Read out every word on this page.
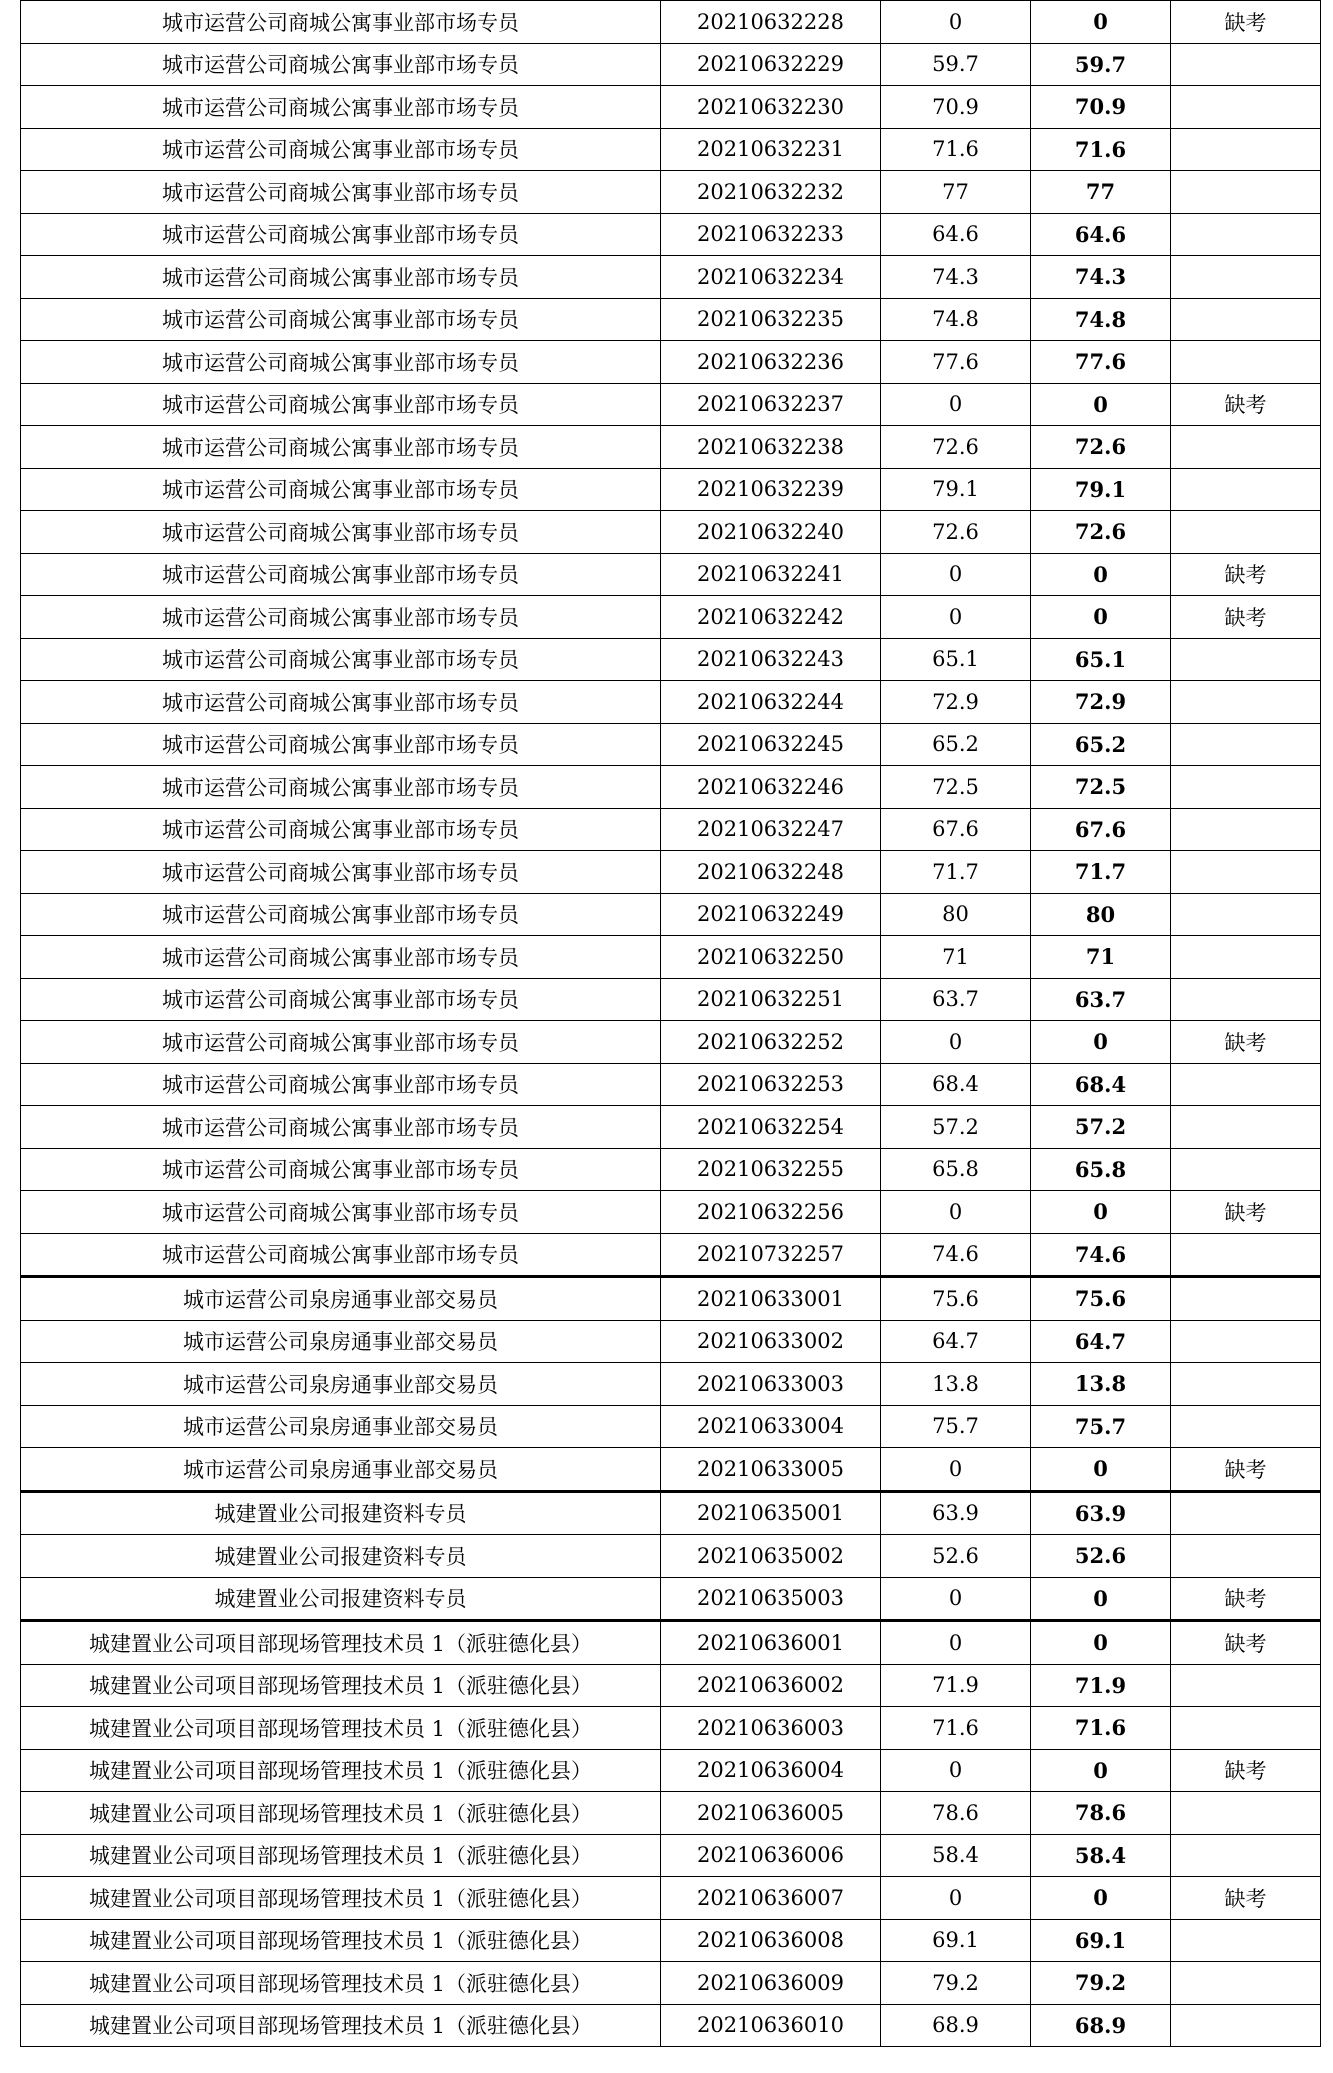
城市运营公司商城公寓事业部市场专员	20210632228	0	0	缺考
城市运营公司商城公寓事业部市场专员	20210632229	59.7	59.7	
城市运营公司商城公寓事业部市场专员	20210632230	70.9	70.9	
城市运营公司商城公寓事业部市场专员	20210632231	71.6	71.6	
城市运营公司商城公寓事业部市场专员	20210632232	77	77	
城市运营公司商城公寓事业部市场专员	20210632233	64.6	64.6	
城市运营公司商城公寓事业部市场专员	20210632234	74.3	74.3	
城市运营公司商城公寓事业部市场专员	20210632235	74.8	74.8	
城市运营公司商城公寓事业部市场专员	20210632236	77.6	77.6	
城市运营公司商城公寓事业部市场专员	20210632237	0	0	缺考
城市运营公司商城公寓事业部市场专员	20210632238	72.6	72.6	
城市运营公司商城公寓事业部市场专员	20210632239	79.1	79.1	
城市运营公司商城公寓事业部市场专员	20210632240	72.6	72.6	
城市运营公司商城公寓事业部市场专员	20210632241	0	0	缺考
城市运营公司商城公寓事业部市场专员	20210632242	0	0	缺考
城市运营公司商城公寓事业部市场专员	20210632243	65.1	65.1	
城市运营公司商城公寓事业部市场专员	20210632244	72.9	72.9	
城市运营公司商城公寓事业部市场专员	20210632245	65.2	65.2	
城市运营公司商城公寓事业部市场专员	20210632246	72.5	72.5	
城市运营公司商城公寓事业部市场专员	20210632247	67.6	67.6	
城市运营公司商城公寓事业部市场专员	20210632248	71.7	71.7	
城市运营公司商城公寓事业部市场专员	20210632249	80	80	
城市运营公司商城公寓事业部市场专员	20210632250	71	71	
城市运营公司商城公寓事业部市场专员	20210632251	63.7	63.7	
城市运营公司商城公寓事业部市场专员	20210632252	0	0	缺考
城市运营公司商城公寓事业部市场专员	20210632253	68.4	68.4	
城市运营公司商城公寓事业部市场专员	20210632254	57.2	57.2	
城市运营公司商城公寓事业部市场专员	20210632255	65.8	65.8	
城市运营公司商城公寓事业部市场专员	20210632256	0	0	缺考
城市运营公司商城公寓事业部市场专员	20210732257	74.6	74.6	
城市运营公司泉房通事业部交易员	20210633001	75.6	75.6	
城市运营公司泉房通事业部交易员	20210633002	64.7	64.7	
城市运营公司泉房通事业部交易员	20210633003	13.8	13.8	
城市运营公司泉房通事业部交易员	20210633004	75.7	75.7	
城市运营公司泉房通事业部交易员	20210633005	0	0	缺考
城建置业公司报建资料专员	20210635001	63.9	63.9	
城建置业公司报建资料专员	20210635002	52.6	52.6	
城建置业公司报建资料专员	20210635003	0	0	缺考
城建置业公司项目部现场管理技术员 1（派驻德化县）	20210636001	0	0	缺考
城建置业公司项目部现场管理技术员 1（派驻德化县）	20210636002	71.9	71.9	
城建置业公司项目部现场管理技术员 1（派驻德化县）	20210636003	71.6	71.6	
城建置业公司项目部现场管理技术员 1（派驻德化县）	20210636004	0	0	缺考
城建置业公司项目部现场管理技术员 1（派驻德化县）	20210636005	78.6	78.6	
城建置业公司项目部现场管理技术员 1（派驻德化县）	20210636006	58.4	58.4	
城建置业公司项目部现场管理技术员 1（派驻德化县）	20210636007	0	0	缺考
城建置业公司项目部现场管理技术员 1（派驻德化县）	20210636008	69.1	69.1	
城建置业公司项目部现场管理技术员 1（派驻德化县）	20210636009	79.2	79.2	
城建置业公司项目部现场管理技术员 1（派驻德化县）	20210636010	68.9	68.9	
